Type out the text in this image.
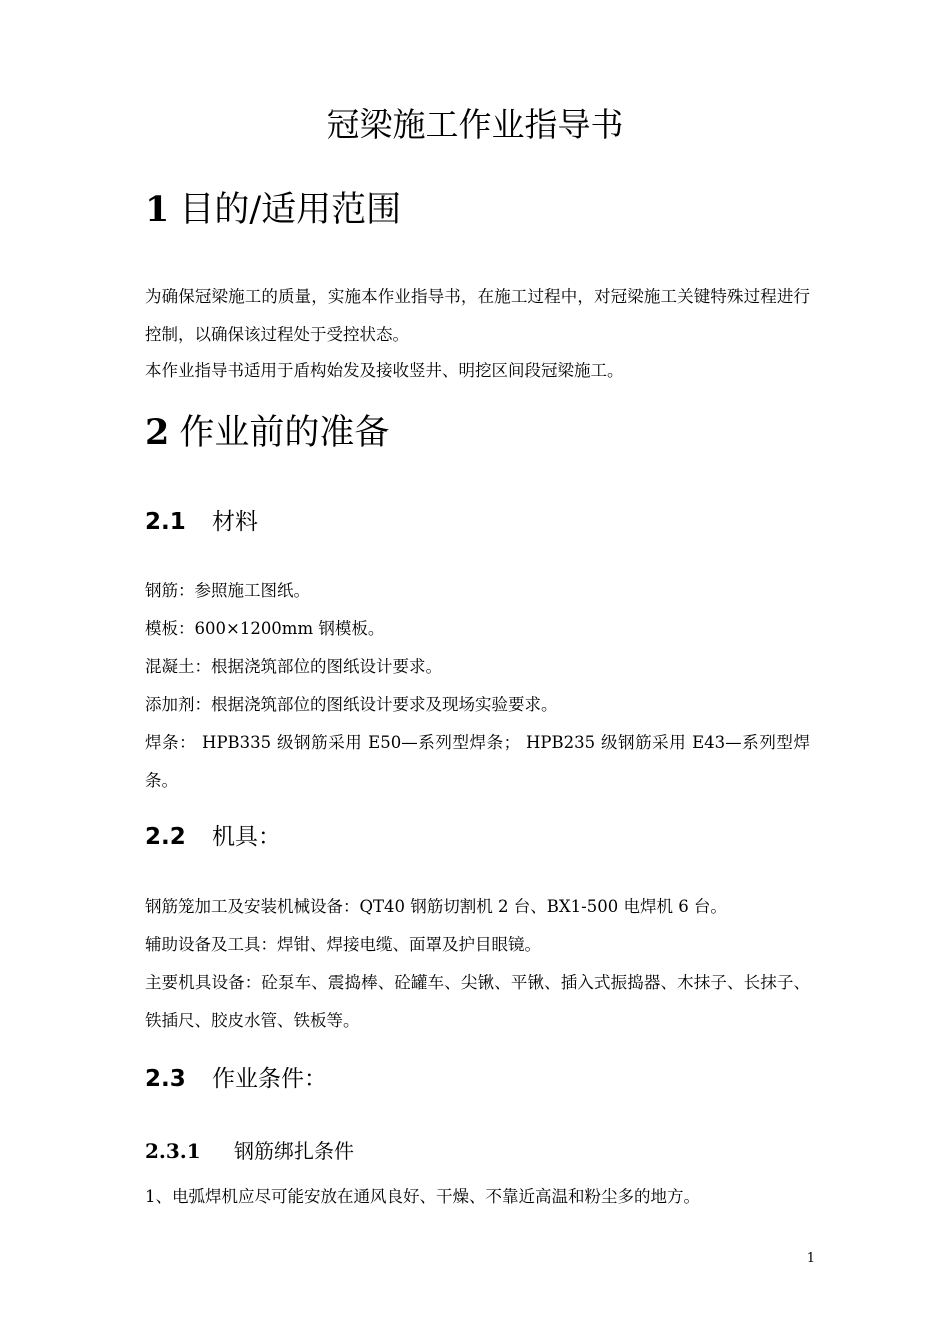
冠梁施工作业指导书
1 目的/适用范围

为确保冠梁施工的质量，实施本作业指导书，在施工过程中，对冠梁施工关键特殊过程进行控制，以确保该过程处于受控状态。

本作业指导书适用于盾构始发及接收竖井、明挖区间段冠梁施工。

2 作业前的准备
2.1 材料

钢筋：参照施工图纸。

模板：600×1200mm 钢模板。

混凝土：根据浇筑部位的图纸设计要求。

添加剂：根据浇筑部位的图纸设计要求及现场实验要求。

焊条： HPB335 级钢筋采用 E50—系列型焊条； HPB235 级钢筋采用 E43—系列型焊条。

2.2 机具：

钢筋笼加工及安装机械设备：QT40 钢筋切割机 2 台、BX1-500 电焊机 6 台。

辅助设备及工具：焊钳、焊接电缆、面罩及护目眼镜。

主要机具设备：砼泵车、震捣棒、砼罐车、尖锹、平锹、插入式振捣器、木抹子、长抹子、铁插尺、胶皮水管、铁板等。

2.3 作业条件：
2.3.1 钢筋绑扎条件

1、电弧焊机应尽可能安放在通风良好、干燥、不靠近高温和粉尘多的地方。

1
